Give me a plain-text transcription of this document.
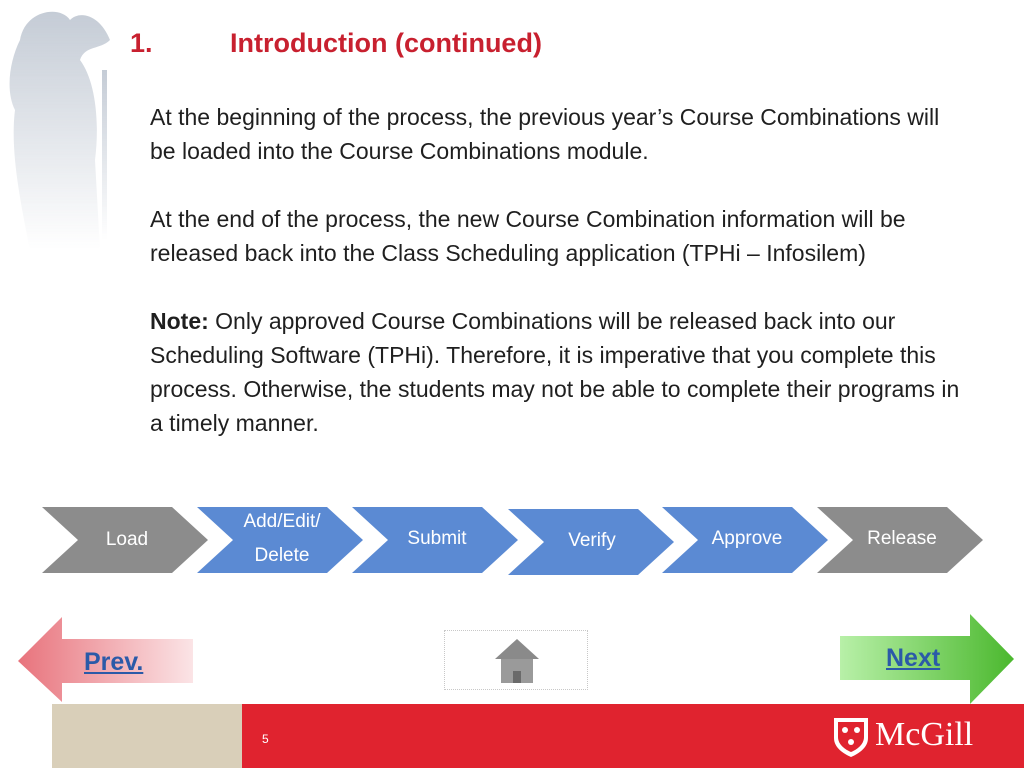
1.	Introduction (continued)

At the beginning of the process, the previous year’s Course Combinations will be loaded into the Course Combinations module.

At the end of the process, the new Course Combination information will be released back into the Class Scheduling application (TPHi – Infosilem)

Note: Only approved Course Combinations will be released back into our Scheduling Software (TPHi). Therefore, it is imperative that you complete this process. Otherwise, the students may not be able to complete their programs in a timely manner.

Load
Add/Edit/
Delete
Submit	Verify	Approve	Release
Prev.	Next
5	McGill
